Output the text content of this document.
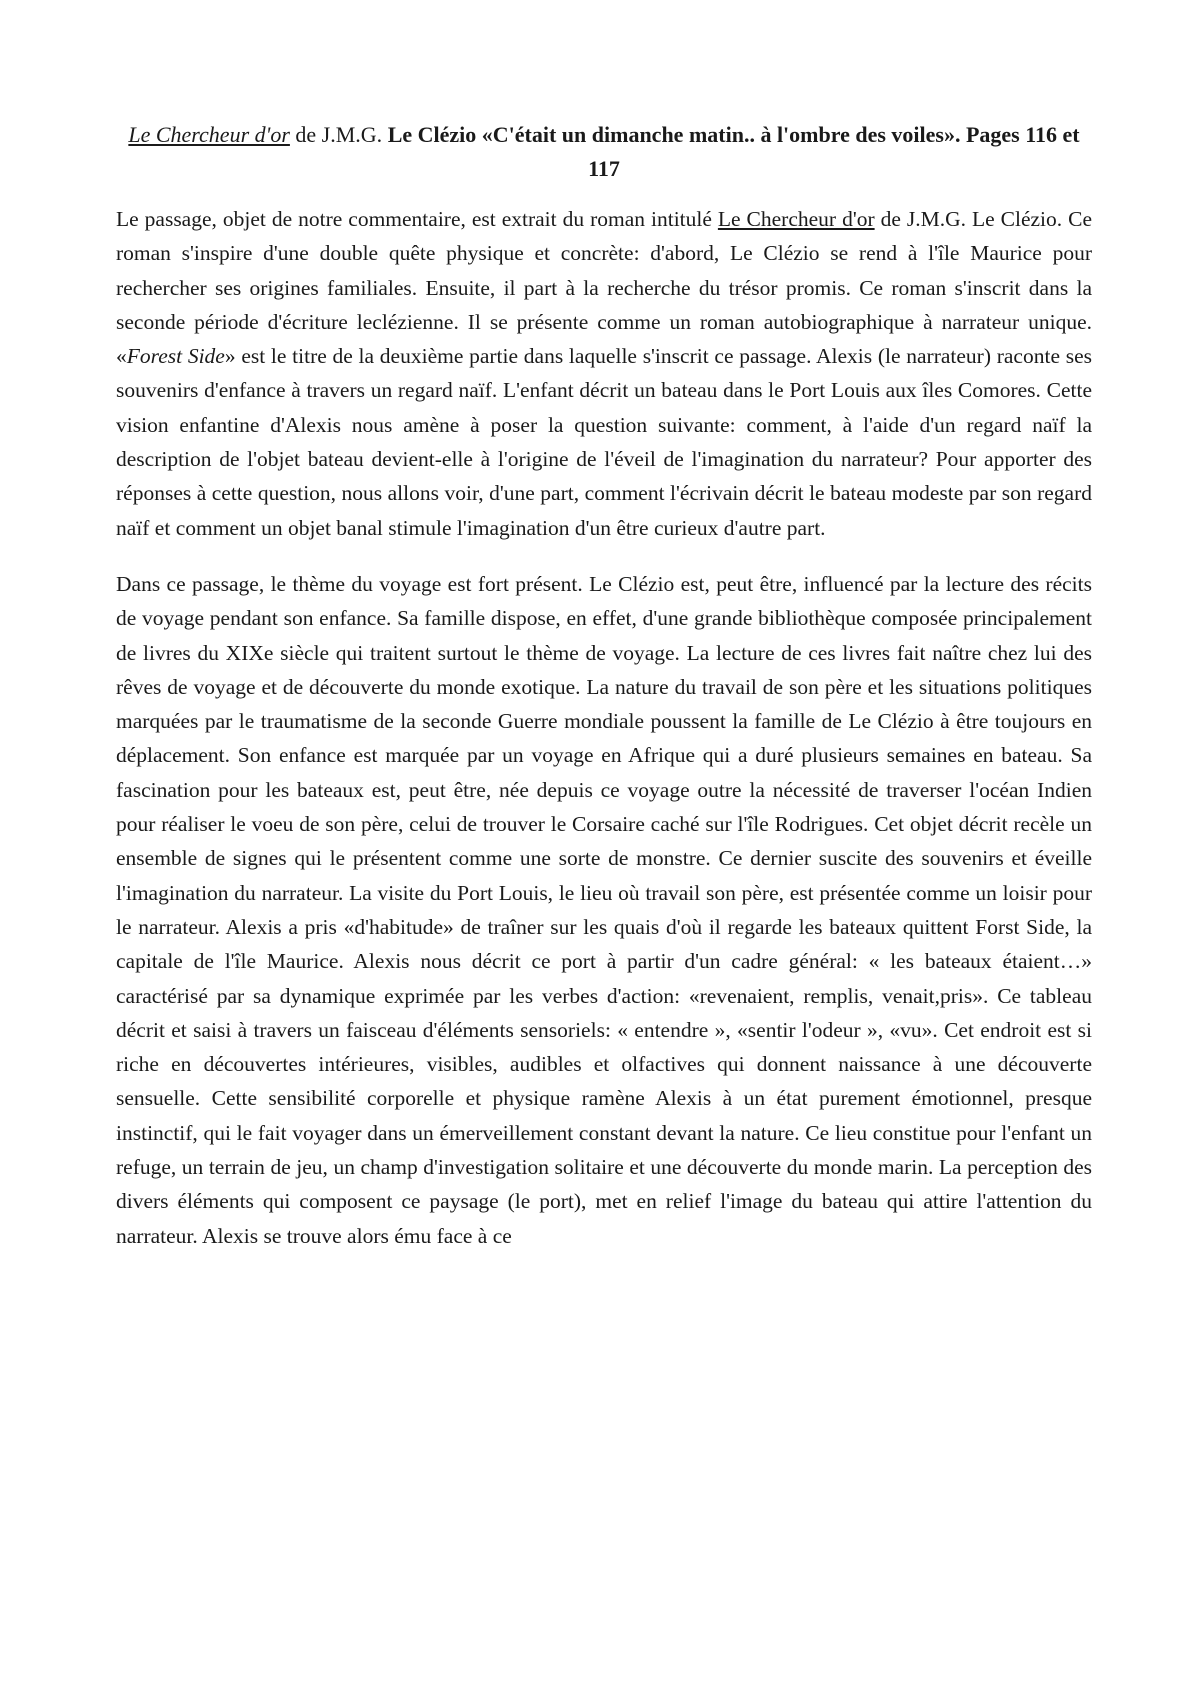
Le Chercheur d'or de J.M.G. Le Clézio «C'était un dimanche matin.. à l'ombre des voiles». Pages 116 et 117

Le passage, objet de notre commentaire, est extrait du roman intitulé Le Chercheur d'or de J.M.G. Le Clézio. Ce roman s'inspire d'une double quête physique et concrète: d'abord, Le Clézio se rend à l'île Maurice pour rechercher ses origines familiales. Ensuite, il part à la recherche du trésor promis. Ce roman s'inscrit dans la seconde période d'écriture leclézienne. Il se présente comme un roman autobiographique à narrateur unique. «Forest Side» est le titre de la deuxième partie dans laquelle s'inscrit ce passage. Alexis (le narrateur) raconte ses souvenirs d'enfance à travers un regard naïf. L'enfant décrit un bateau dans le Port Louis aux îles Comores. Cette vision enfantine d'Alexis nous amène à poser la question suivante: comment, à l'aide d'un regard naïf la description de l'objet bateau devient-elle à l'origine de l'éveil de l'imagination du narrateur? Pour apporter des réponses à cette question, nous allons voir, d'une part, comment l'écrivain décrit le bateau modeste par son regard naïf et comment un objet banal stimule l'imagination d'un être curieux d'autre part.

Dans ce passage, le thème du voyage est fort présent. Le Clézio est, peut être, influencé par la lecture des récits de voyage pendant son enfance. Sa famille dispose, en effet, d'une grande bibliothèque composée principalement de livres du XIXe siècle qui traitent surtout le thème de voyage. La lecture de ces livres fait naître chez lui des rêves de voyage et de découverte du monde exotique. La nature du travail de son père et les situations politiques marquées par le traumatisme de la seconde Guerre mondiale poussent la famille de Le Clézio à être toujours en déplacement. Son enfance est marquée par un voyage en Afrique qui a duré plusieurs semaines en bateau. Sa fascination pour les bateaux est, peut être, née depuis ce voyage outre la nécessité de traverser l'océan Indien pour réaliser le voeu de son père, celui de trouver le Corsaire caché sur l'île Rodrigues. Cet objet décrit recèle un ensemble de signes qui le présentent comme une sorte de monstre. Ce dernier suscite des souvenirs et éveille l'imagination du narrateur. La visite du Port Louis, le lieu où travail son père, est présentée comme un loisir pour le narrateur. Alexis a pris «d'habitude» de traîner sur les quais d'où il regarde les bateaux quittent Forst Side, la capitale de l'île Maurice. Alexis nous décrit ce port à partir d'un cadre général: « les bateaux étaient…» caractérisé par sa dynamique exprimée par les verbes d'action: «revenaient, remplis, venait,pris». Ce tableau décrit et saisi à travers un faisceau d'éléments sensoriels: « entendre », «sentir l'odeur », «vu». Cet endroit est si riche en découvertes intérieures, visibles, audibles et olfactives qui donnent naissance à une découverte sensuelle. Cette sensibilité corporelle et physique ramène Alexis à un état purement émotionnel, presque instinctif, qui le fait voyager dans un émerveillement constant devant la nature. Ce lieu constitue pour l'enfant un refuge, un terrain de jeu, un champ d'investigation solitaire et une découverte du monde marin. La perception des divers éléments qui composent ce paysage (le port), met en relief l'image du bateau qui attire l'attention du narrateur. Alexis se trouve alors ému face à ce
